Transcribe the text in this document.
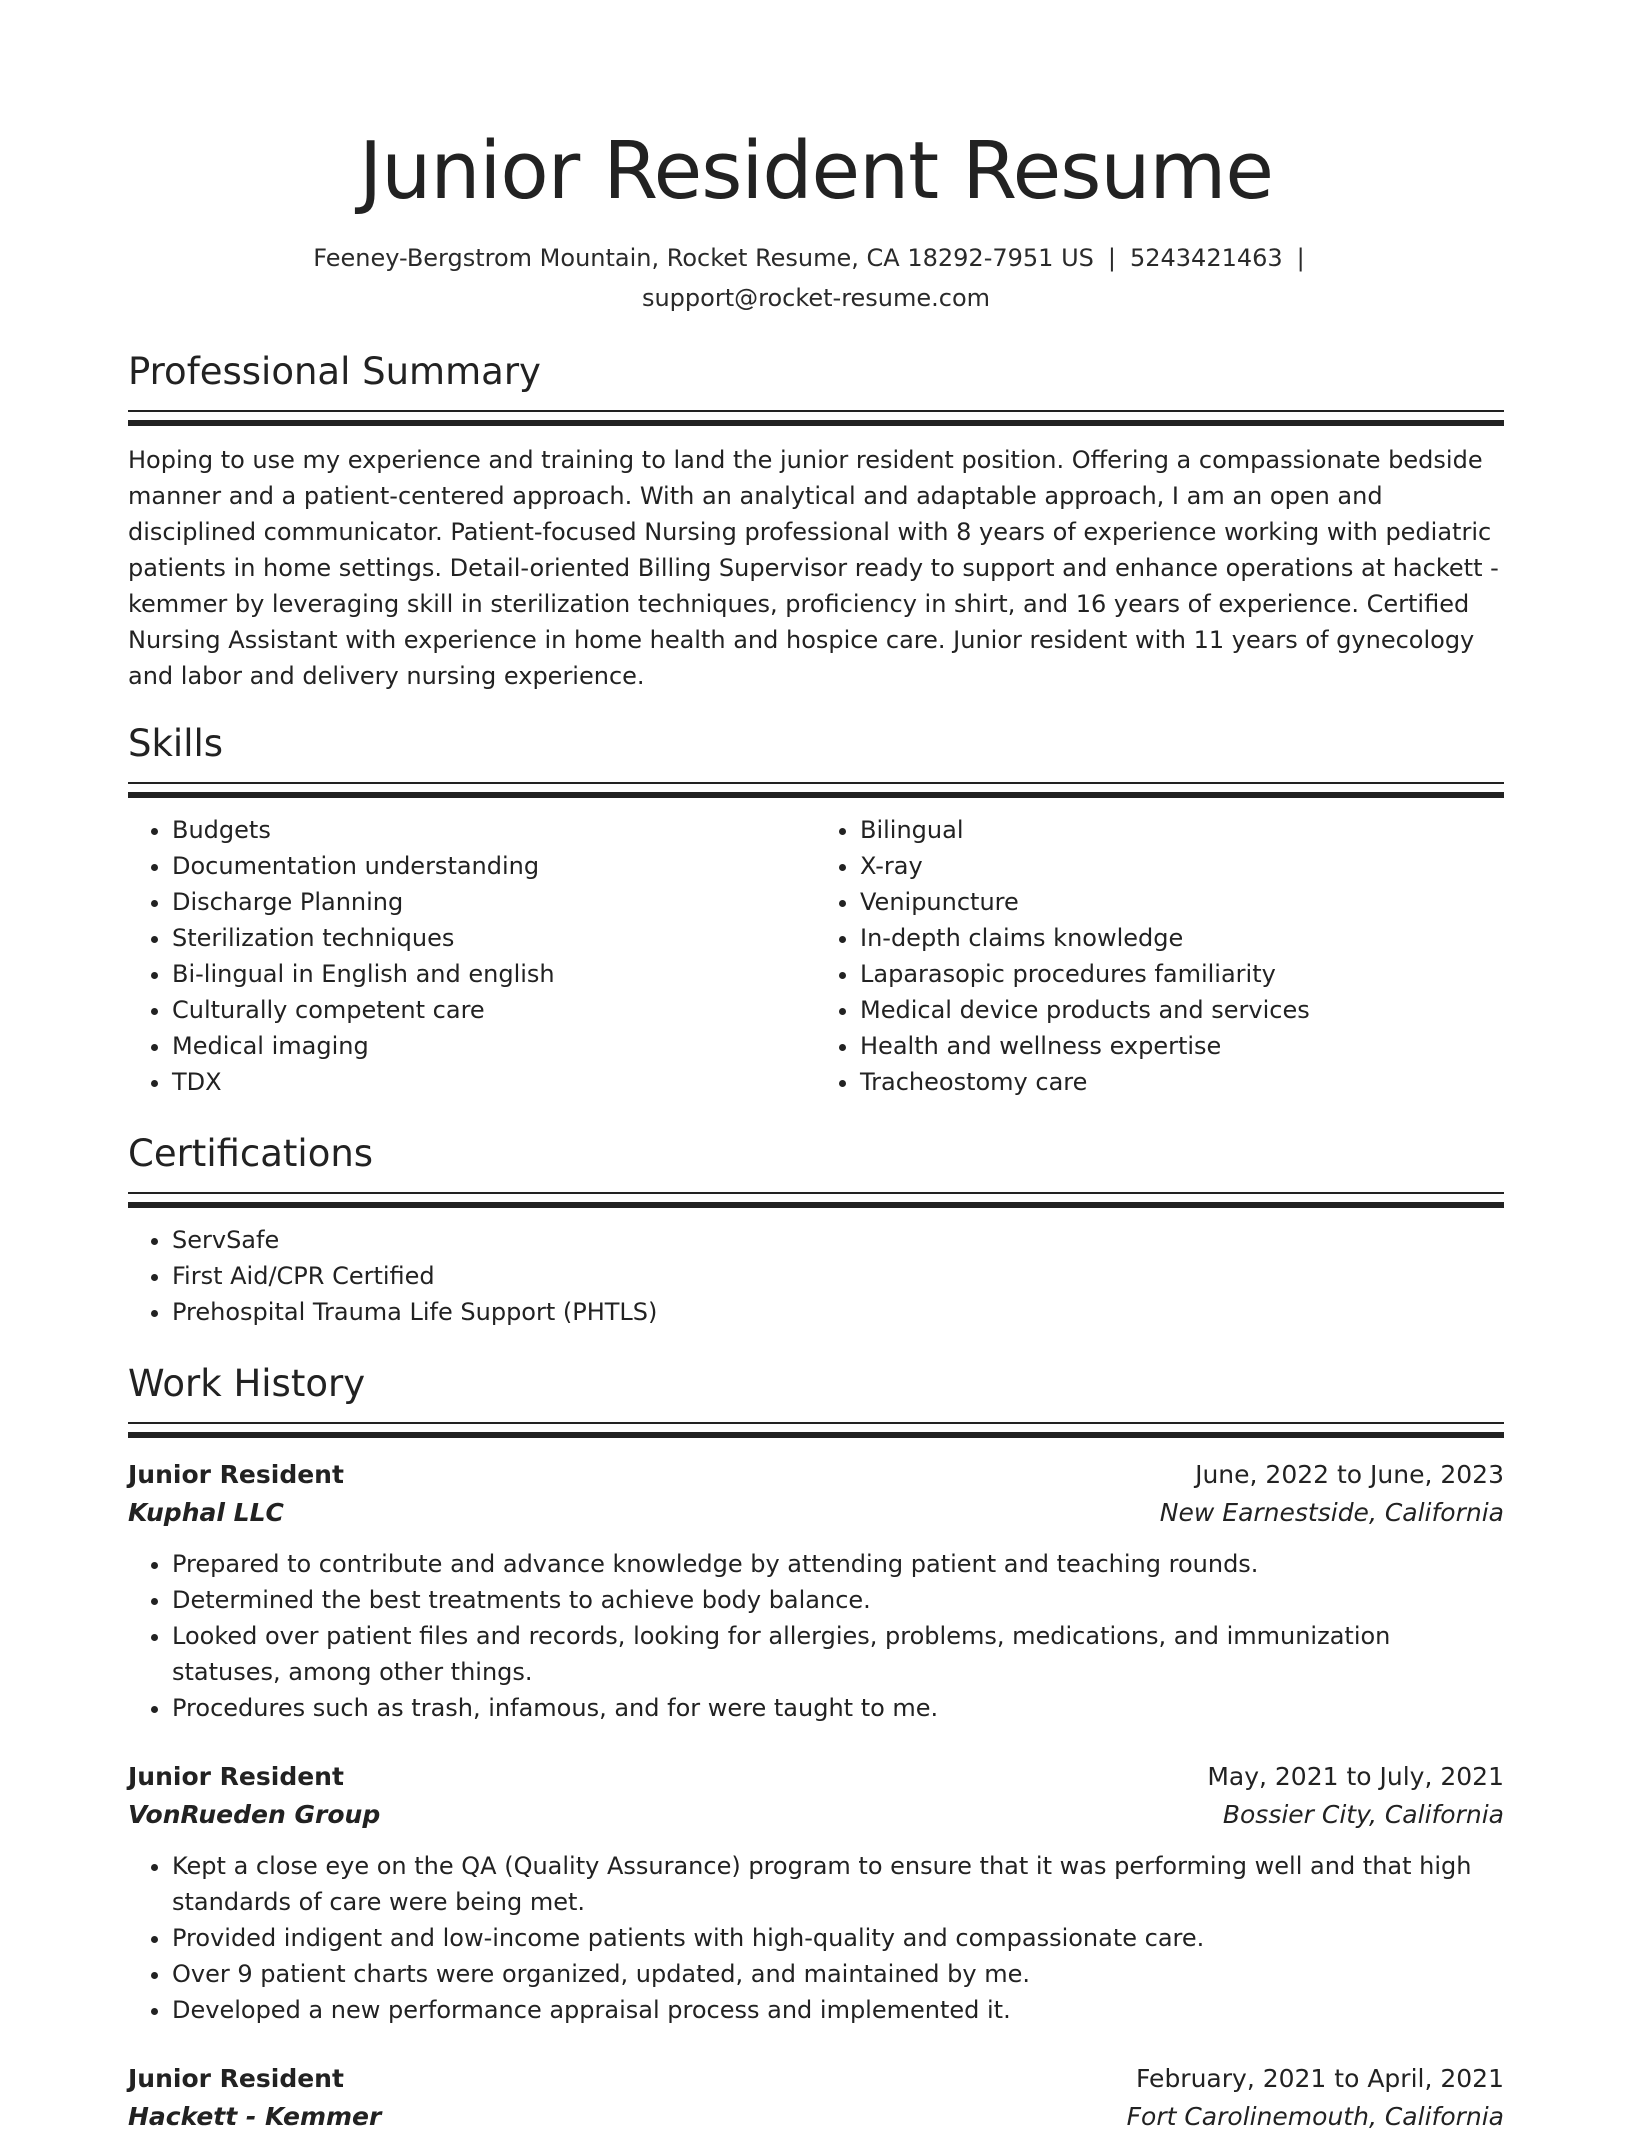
Junior Resident Resume
Feeney-Bergstrom Mountain, Rocket Resume, CA 18292-7951 US | 5243421463 |
support@rocket-resume.com
Professional Summary

Hoping to use my experience and training to land the junior resident position. Offering a compassionate bedside manner and a patient-centered approach. With an analytical and adaptable approach, I am an open and disciplined communicator. Patient-focused Nursing professional with 8 years of experience working with pediatric patients in home settings. Detail-oriented Billing Supervisor ready to support and enhance operations at hackett - kemmer by leveraging skill in sterilization techniques, proficiency in shirt, and 16 years of experience. Certified Nursing Assistant with experience in home health and hospice care. Junior resident with 11 years of gynecology and labor and delivery nursing experience.

Skills
• Budgets
• Documentation understanding
• Discharge Planning
• Sterilization techniques
• Bi-lingual in English and english
• Culturally competent care
• Medical imaging
• TDX
• Bilingual
• X-ray
• Venipuncture
• In-depth claims knowledge
• Laparasopic procedures familiarity
• Medical device products and services
• Health and wellness expertise
• Tracheostomy care
Certifications
• ServSafe
• First Aid/CPR Certified
• Prehospital Trauma Life Support (PHTLS)
Work History
Junior Resident	June, 2022 to June, 2023
Kuphal LLC	New Earnestside, California
• Prepared to contribute and advance knowledge by attending patient and teaching rounds.
• Determined the best treatments to achieve body balance.
• Looked over patient files and records, looking for allergies, problems, medications, and immunization statuses, among other things.
• Procedures such as trash, infamous, and for were taught to me.
Junior Resident	May, 2021 to July, 2021
VonRueden Group	Bossier City, California
• Kept a close eye on the QA (Quality Assurance) program to ensure that it was performing well and that high standards of care were being met.
• Provided indigent and low-income patients with high-quality and compassionate care.
• Over 9 patient charts were organized, updated, and maintained by me.
• Developed a new performance appraisal process and implemented it.
Junior Resident	February, 2021 to April, 2021
Hackett - Kemmer	Fort Carolinemouth, California
